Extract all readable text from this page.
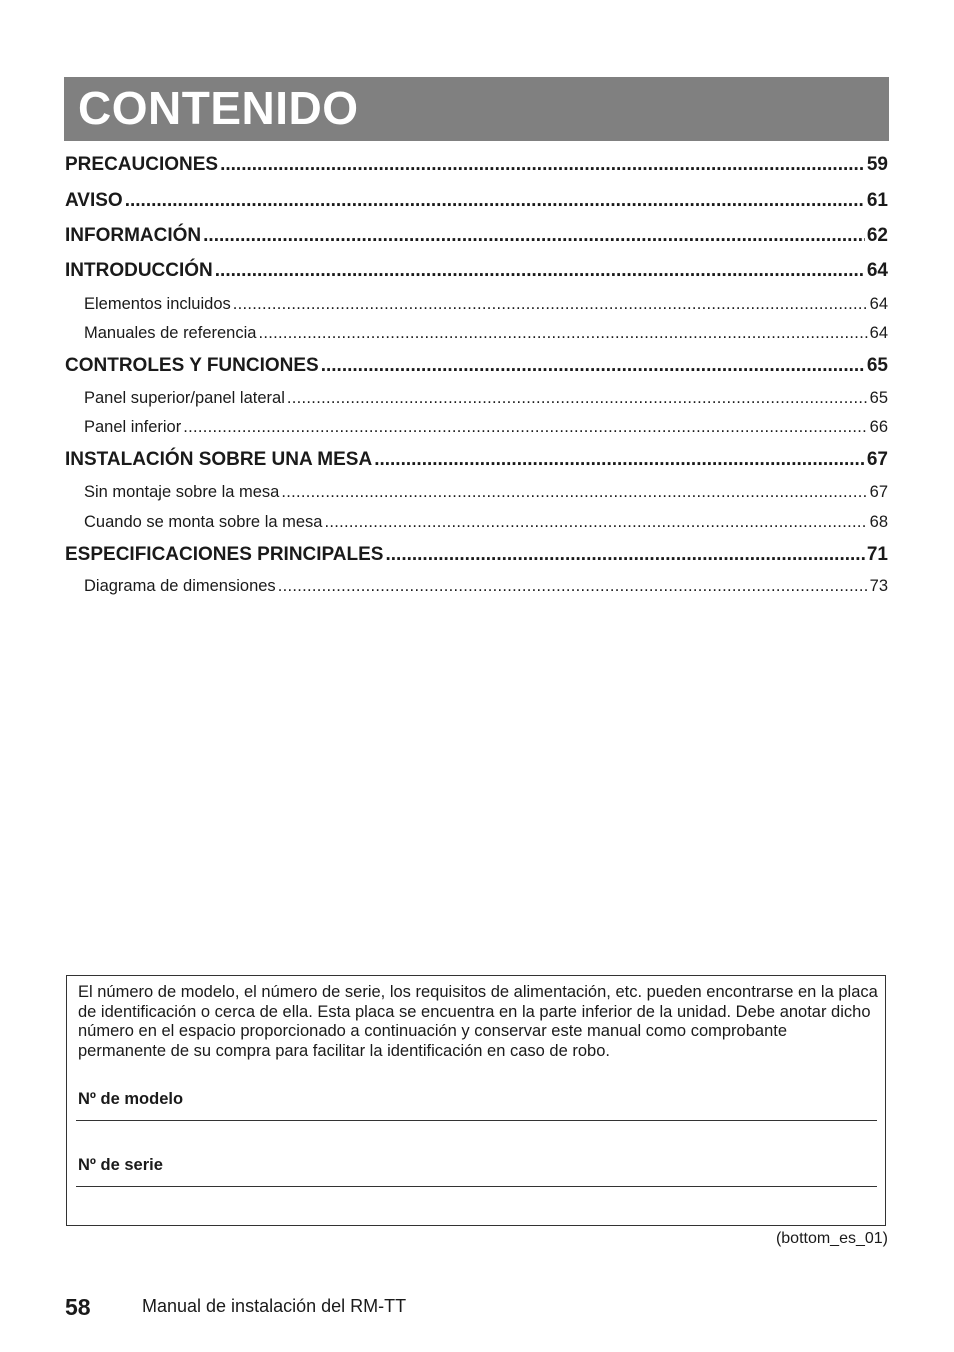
CONTENIDO
PRECAUCIONES .....	59
AVISO .....	61
INFORMACIÓN .....	62
INTRODUCCIÓN .....	64
Elementos incluidos .....	64
Manuales de referencia .....	64
CONTROLES Y FUNCIONES .....	65
Panel superior/panel lateral .....	65
Panel inferior .....	66
INSTALACIÓN SOBRE UNA MESA .....	67
Sin montaje sobre la mesa .....	67
Cuando se monta sobre la mesa .....	68
ESPECIFICACIONES PRINCIPALES .....	71
Diagrama de dimensiones .....	73

El número de modelo, el número de serie, los requisitos de alimentación, etc. pueden encontrarse en la placa de identificación o cerca de ella. Esta placa se encuentra en la parte inferior de la unidad. Debe anotar dicho número en el espacio proporcionado a continuación y conservar este manual como comprobante permanente de su compra para facilitar la identificación en caso de robo.

Nº de modelo
Nº de serie
(bottom_es_01)
58	Manual de instalación del RM-TT
